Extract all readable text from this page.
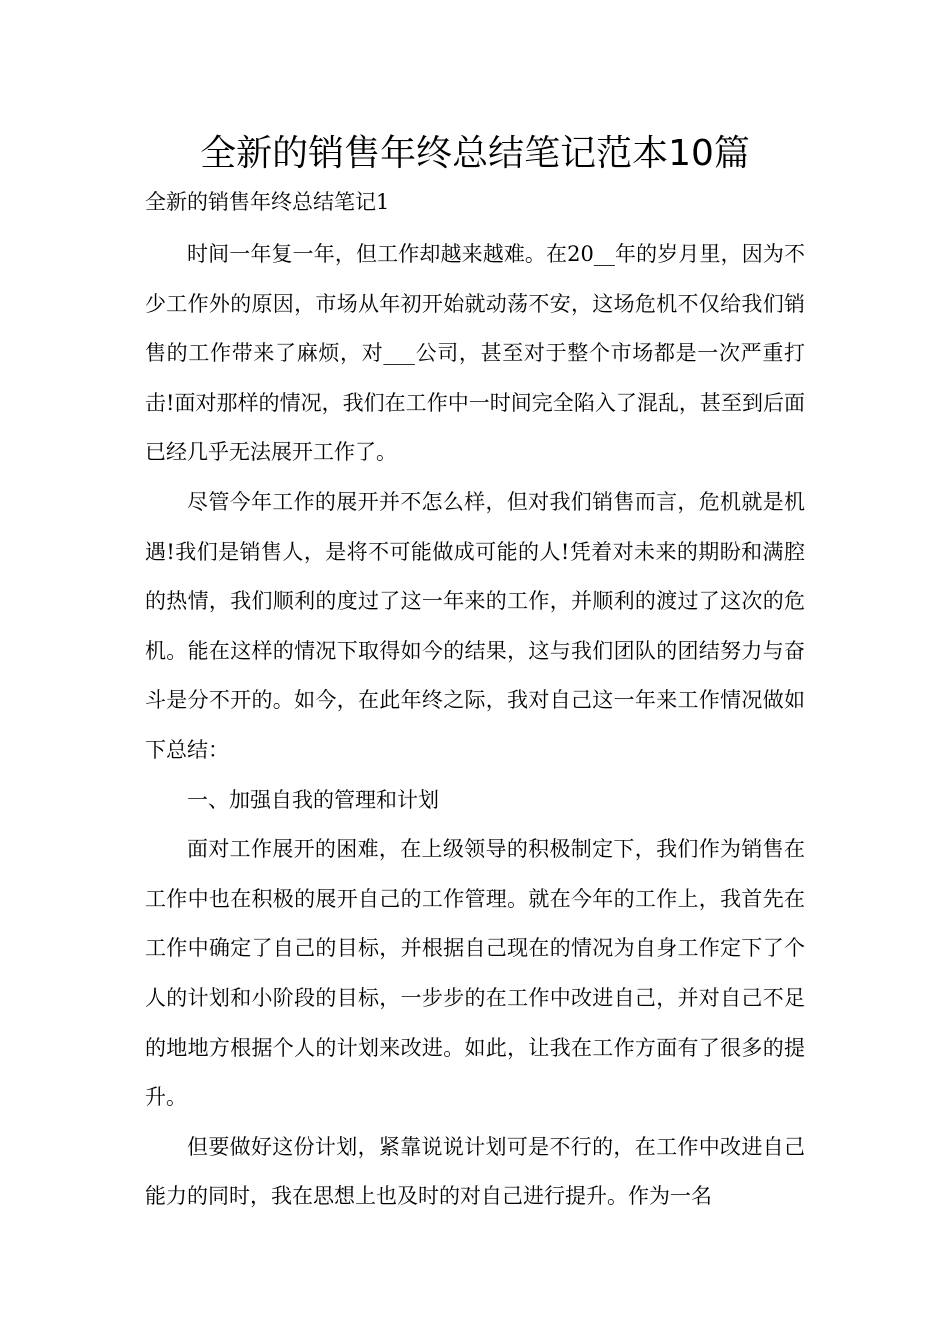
全新的销售年终总结笔记范本10篇
全新的销售年终总结笔记1

时间一年复一年，但工作却越来越难。在20__年的岁月里，因为不少工作外的原因，市场从年初开始就动荡不安，这场危机不仅给我们销售的工作带来了麻烦，对___公司，甚至对于整个市场都是一次严重打击!面对那样的情况，我们在工作中一时间完全陷入了混乱，甚至到后面已经几乎无法展开工作了。

尽管今年工作的展开并不怎么样，但对我们销售而言，危机就是机遇!我们是销售人，是将不可能做成可能的人!凭着对未来的期盼和满腔的热情，我们顺利的度过了这一年来的工作，并顺利的渡过了这次的危机。能在这样的情况下取得如今的结果，这与我们团队的团结努力与奋斗是分不开的。如今，在此年终之际，我对自己这一年来工作情况做如下总结：

一、加强自我的管理和计划

面对工作展开的困难，在上级领导的积极制定下，我们作为销售在工作中也在积极的展开自己的工作管理。就在今年的工作上，我首先在工作中确定了自己的目标，并根据自己现在的情况为自身工作定下了个人的计划和小阶段的目标，一步步的在工作中改进自己，并对自己不足的地地方根据个人的计划来改进。如此，让我在工作方面有了很多的提升。

但要做好这份计划，紧靠说说计划可是不行的，在工作中改进自己能力的同时，我在思想上也及时的对自己进行提升。作为一名
